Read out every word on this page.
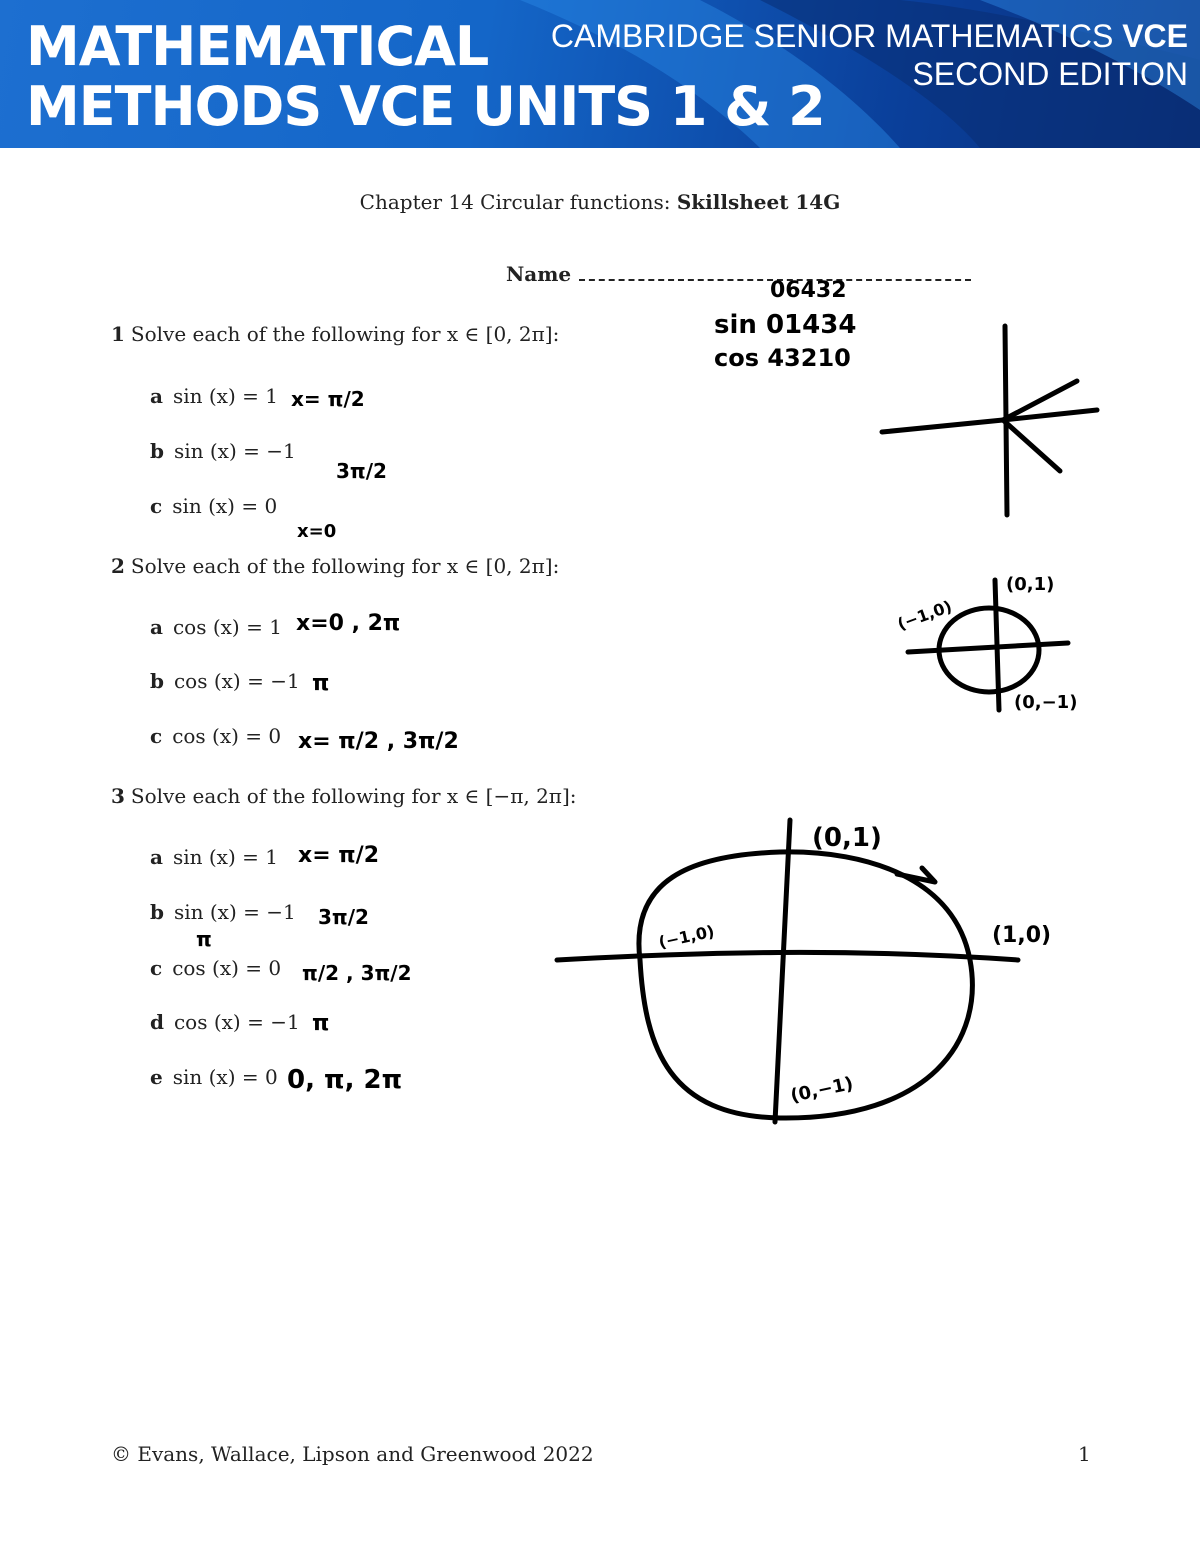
MATHEMATICAL
METHODS VCE UNITS 1 & 2
CAMBRIDGE SENIOR MATHEMATICS VCE
SECOND EDITION
Chapter 14 Circular functions: Skillsheet 14G
Name
1 Solve each of the following for x ∈ [0, 2π]:
a sin (x) = 1
b sin (x) = −1
c sin (x) = 0
2 Solve each of the following for x ∈ [0, 2π]:
a cos (x) = 1
b cos (x) = −1
c cos (x) = 0
3 Solve each of the following for x ∈ [−π, 2π]:
a sin (x) = 1
b sin (x) = −1
c cos (x) = 0
d cos (x) = −1
e sin (x) = 0
06432
sin 01434
cos 43210
x= π/2
3π/2
x=0
x=0 , 2π
π
x= π/2 , 3π/2
x= π/2
3π/2
π
π/2 , 3π/2
π
0, π, 2π
(0,1)
(−1,0)
(0,−1)
(0,1)
(−1,0)	(1,0)
(0,−1)
© Evans, Wallace, Lipson and Greenwood 2022	1
